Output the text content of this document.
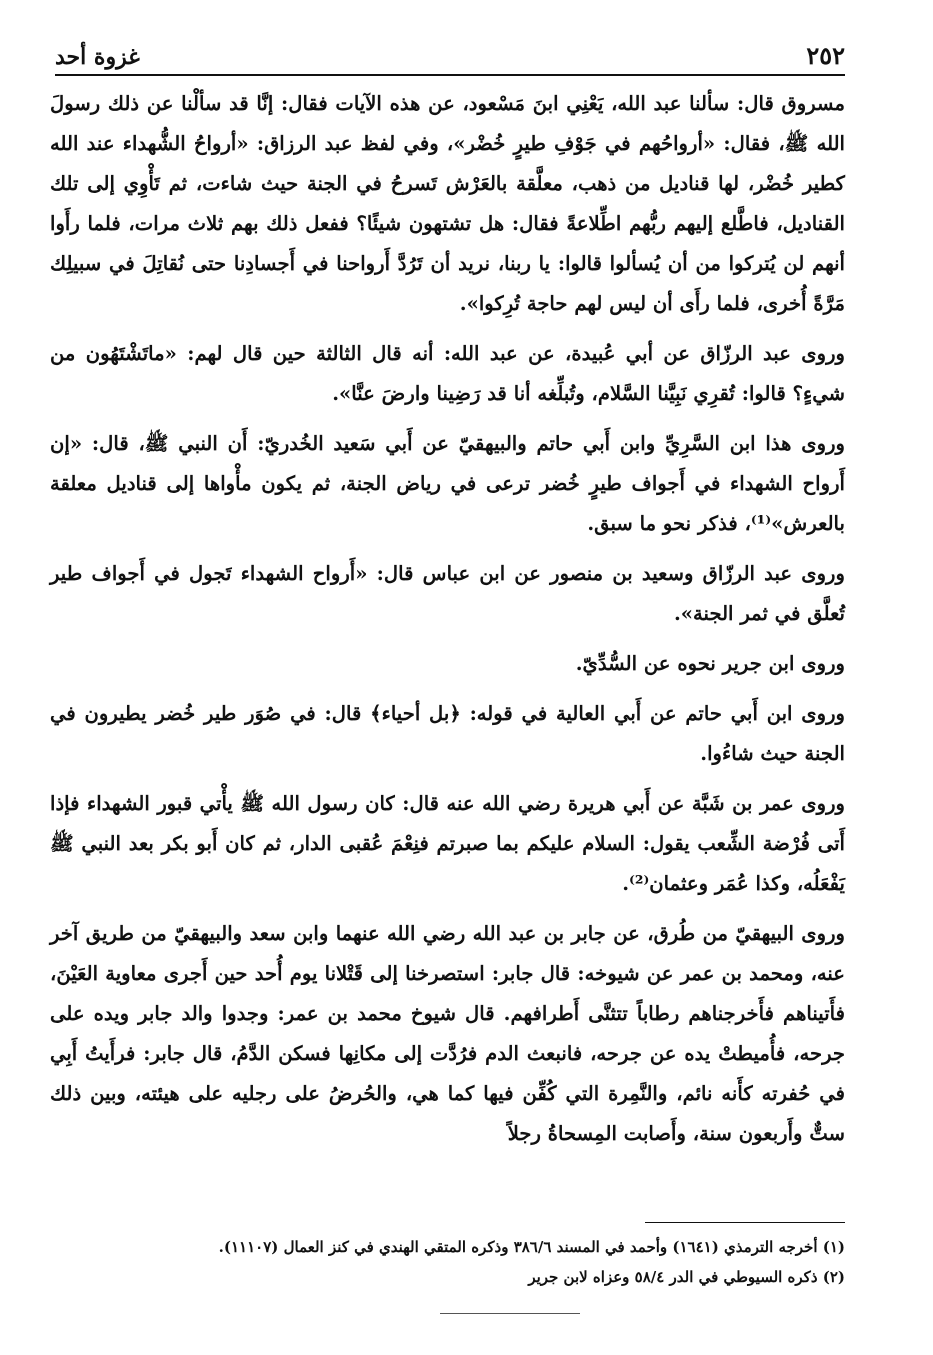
٢٥٢
غزوة أحد

مسروق قال: سألنا عبد الله، يَعْنِي ابنَ مَسْعود، عن هذه الآيات فقال: إنَّا قد سألْنا عن ذلك رسولَ الله ﷺ، فقال: «أرواحُهم في جَوْفِ طيرٍ خُضْر»، وفي لفظ عبد الرزاق: «أرواحُ الشُّهداء عند الله كطير خُضْر، لها قناديل من ذهب، معلَّقة بالعَرْش تَسرحُ في الجنة حيث شاءت، ثم تَأْوِي إلى تلك القناديل، فاطَّلع إليهم ربُّهم اطِّلاعةً فقال: هل تشتهون شيئًا؟ ففعل ذلك بهم ثلاث مرات، فلما رأَوا أنهم لن يُتركوا من أن يُسألوا قالوا: يا ربنا، نريد أن تَرُدَّ أَرواحنا في أَجسادِنا حتى نُقاتِلَ في سبيلِك مَرَّةً أُخرى، فلما رأَى أن ليس لهم حاجة تُرِكوا».

وروى عبد الرزّاق عن أبي عُبيدة، عن عبد الله: أنه قال الثالثة حين قال لهم: «ماتَشْتَهُون من شيءٍ؟ قالوا: تُقرِي نَبِيَّنا السَّلام، وتُبلِّغه أنا قد رَضِينا وارضَ عنَّا».

وروى هذا ابن السَّرِيِّ وابن أَبي حاتم والبيهقيّ عن أَبي سَعيد الخُدريّ: أَن النبي ﷺ، قال: «إن أَرواح الشهداء في أَجواف طيرٍ خُضر ترعى في رياض الجنة، ثم يكون مأْواها إلى قناديل معلقة بالعرش»⁽¹⁾، فذكر نحو ما سبق.

وروى عبد الرزّاق وسعيد بن منصور عن ابن عباس قال: «أَرواح الشهداء تَجول في أَجواف طير تُعلَّق في ثمر الجنة».

وروى ابن جرير نحوه عن السُّدِّيّ.

وروى ابن أَبي حاتم عن أَبي العالية في قوله: ﴿بل أحياء﴾ قال: في صُوَر طير خُضر يطيرون في الجنة حيث شاءُوا.

وروى عمر بن شَبَّة عن أَبي هريرة رضي الله عنه قال: كان رسول الله ﷺ يأْتي قبور الشهداء فإذا أَتى فُرْضة الشِّعب يقول: السلام عليكم بما صبرتم فنِعْمَ عُقبى الدار، ثم كان أَبو بكر بعد النبي ﷺ يَفْعَلُه، وكذا عُمَر وعثمان⁽²⁾.

وروى البيهقيّ من طُرق، عن جابر بن عبد الله رضي الله عنهما وابن سعد والبيهقيّ من طريق آخر عنه، ومحمد بن عمر عن شيوخه: قال جابر: استصرخنا إلى قَتْلانا يوم أُحد حين أَجرى معاوية العَيْنَ، فأَتيناهم فأَخرجناهم رطاباً تتثنَّى أَطرافهم. قال شيوخ محمد بن عمر: وجدوا والد جابر ويده على جرحه، فأُميطتْ يده عن جرحه، فانبعث الدم فرُدَّت إلى مكانِها فسكن الدَّمُ، قال جابر: فرأَيتُ أَبِي في حُفرته كأَنه نائم، والنَّمِرة التي كُفِّن فيها كما هي، والحُرضُ على رجليه على هيئته، وبين ذلك ستٌّ وأَربعون سنة، وأَصابت المِسحاةُ رجلاً

(١) أخرجه الترمذي (١٦٤١) وأحمد في المسند ٣٨٦/٦ وذكره المتقي الهندي في كنز العمال (١١١٠٧).
(٢) ذكره السيوطي في الدر ٥٨/٤ وعزاه لابن جرير
